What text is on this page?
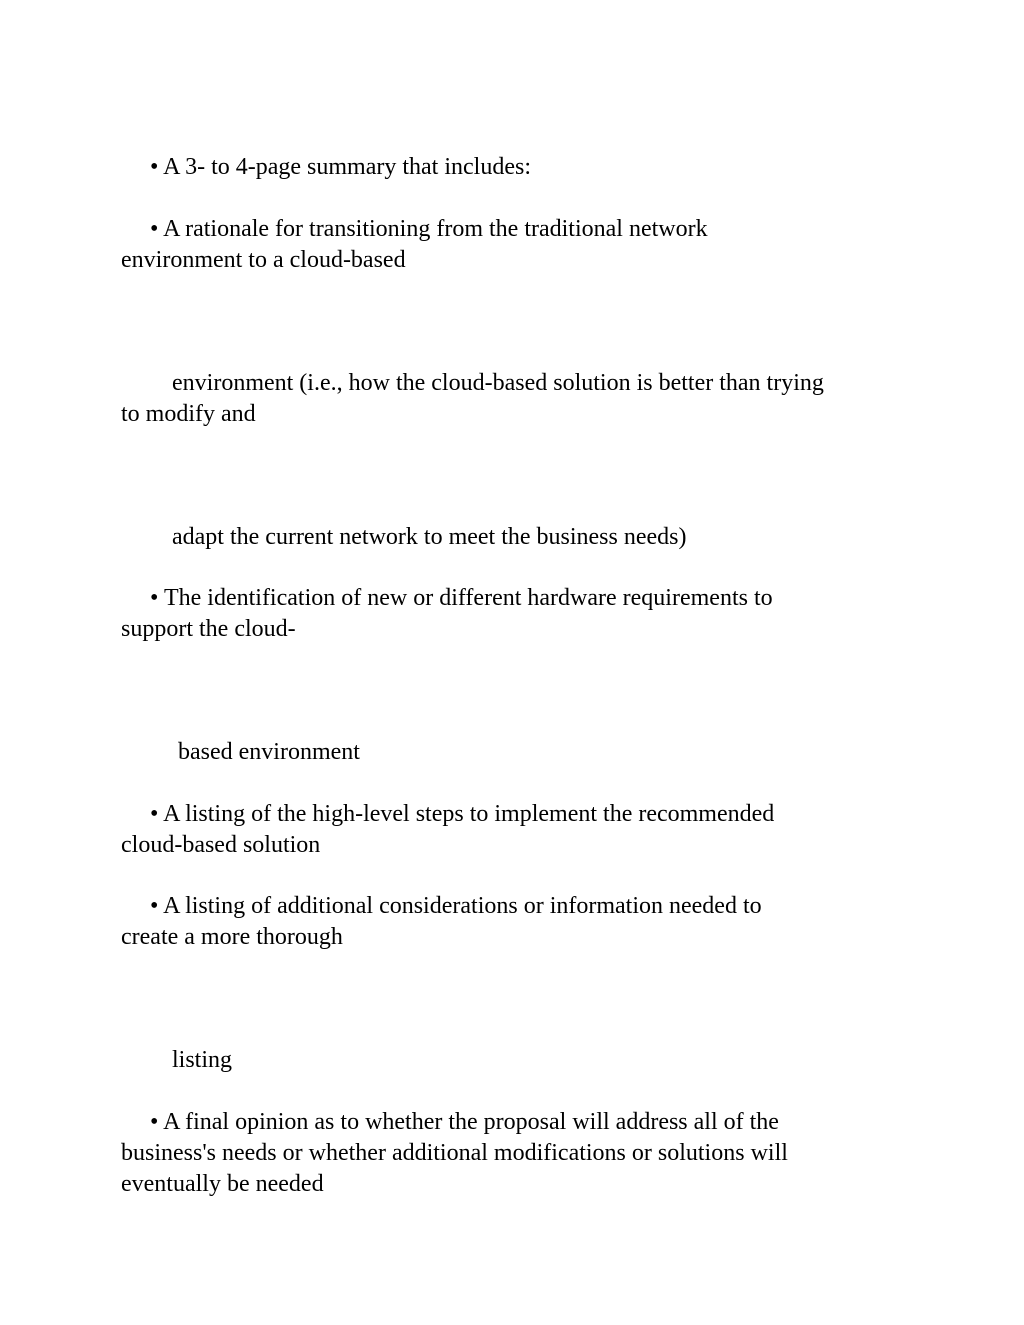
• A 3- to 4-page summary that includes:
• A rationale for transitioning from the traditional network
environment to a cloud-based
environment (i.e., how the cloud-based solution is better than trying
to modify and
adapt the current network to meet the business needs)
• The identification of new or different hardware requirements to
support the cloud-
based environment
• A listing of the high-level steps to implement the recommended
cloud-based solution
• A listing of additional considerations or information needed to
create a more thorough
listing
• A final opinion as to whether the proposal will address all of the
business's needs or whether additional modifications or solutions will
eventually be needed
